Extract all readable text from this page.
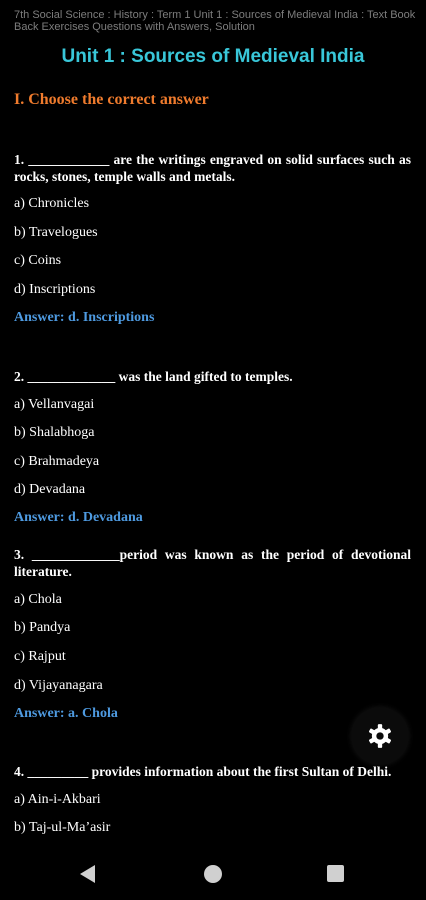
7th Social Science : History : Term 1 Unit 1 : Sources of Medieval India : Text Book Back Exercises Questions with Answers, Solution
Unit 1 : Sources of Medieval India
I. Choose the correct answer
1. ____________ are the writings engraved on solid surfaces such as rocks, stones, temple walls and metals.
a) Chronicles
b) Travelogues
c) Coins
d) Inscriptions
Answer: d. Inscriptions
2. _____________ was the land gifted to temples.
a) Vellanvagai
b) Shalabhoga
c) Brahmadeya
d) Devadana
Answer: d. Devadana
3. _____________period was known as the period of devotional literature.
a) Chola
b) Pandya
c) Rajput
d) Vijayanagara
Answer: a. Chola
4. _________ provides information about the first Sultan of Delhi.
a) Ain-i-Akbari
b) Taj-ul-Ma’asir
